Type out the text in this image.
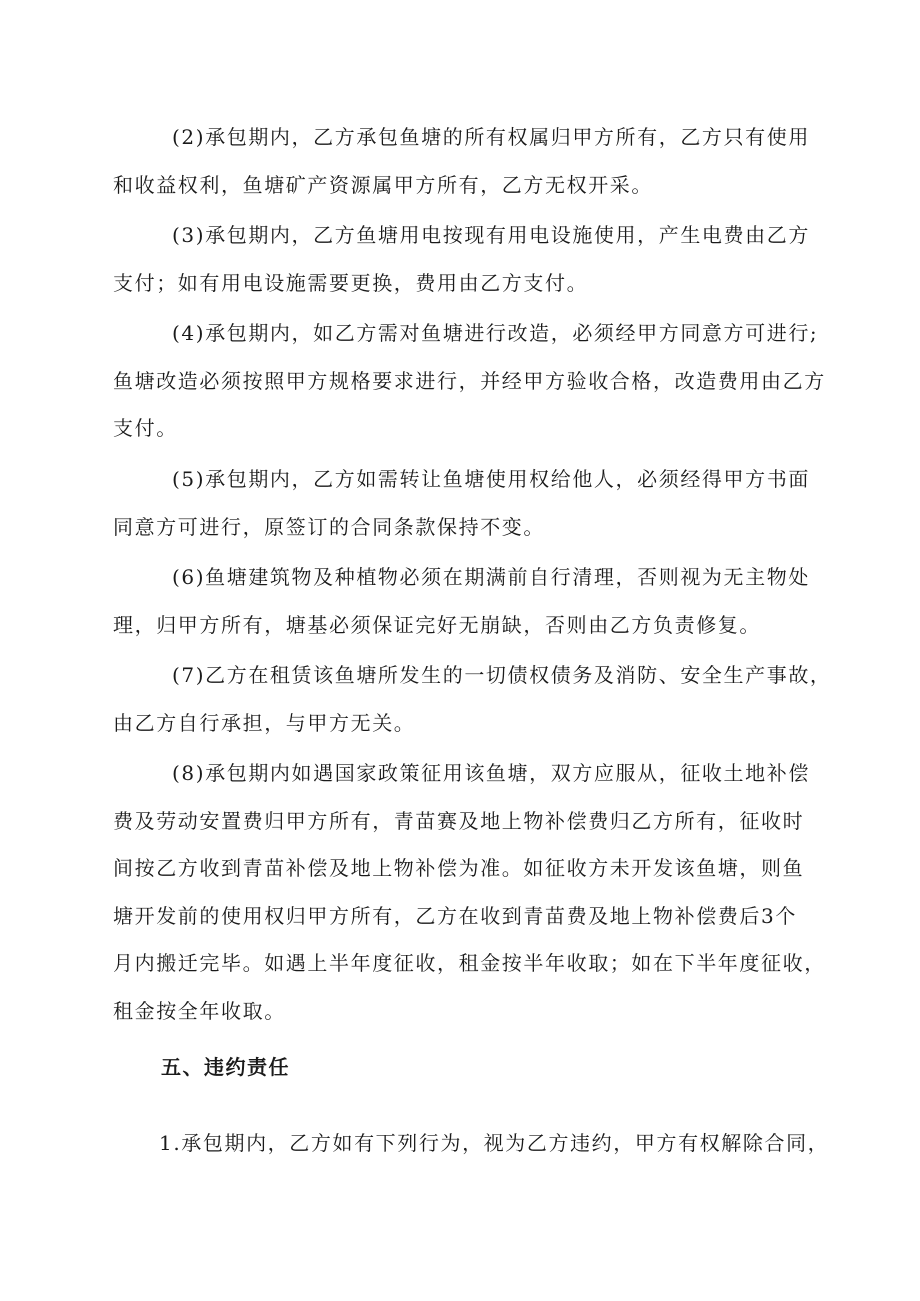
(2)承包期内，乙方承包鱼塘的所有权属归甲方所有，乙方只有使用
和收益权利，鱼塘矿产资源属甲方所有，乙方无权开采。

(3)承包期内，乙方鱼塘用电按现有用电设施使用，产生电费由乙方
支付；如有用电设施需要更换，费用由乙方支付。

(4)承包期内，如乙方需对鱼塘进行改造，必须经甲方同意方可进行;
鱼塘改造必须按照甲方规格要求进行，并经甲方验收合格，改造费用由乙方
支付。

(5)承包期内，乙方如需转让鱼塘使用权给他人，必须经得甲方书面
同意方可进行，原签订的合同条款保持不变。

(6)鱼塘建筑物及种植物必须在期满前自行清理，否则视为无主物处
理，归甲方所有，塘基必须保证完好无崩缺，否则由乙方负责修复。

(7)乙方在租赁该鱼塘所发生的一切债权债务及消防、安全生产事故，
由乙方自行承担，与甲方无关。

(8)承包期内如遇国家政策征用该鱼塘，双方应服从，征收土地补偿
费及劳动安置费归甲方所有，青苗赛及地上物补偿费归乙方所有，征收时
间按乙方收到青苗补偿及地上物补偿为准。如征收方未开发该鱼塘，则鱼
塘开发前的使用权归甲方所有，乙方在收到青苗费及地上物补偿费后3个
月内搬迁完毕。如遇上半年度征收，租金按半年收取；如在下半年度征收，
租金按全年收取。

五、违约责任

1.承包期内，乙方如有下列行为，视为乙方违约，甲方有权解除合同，
